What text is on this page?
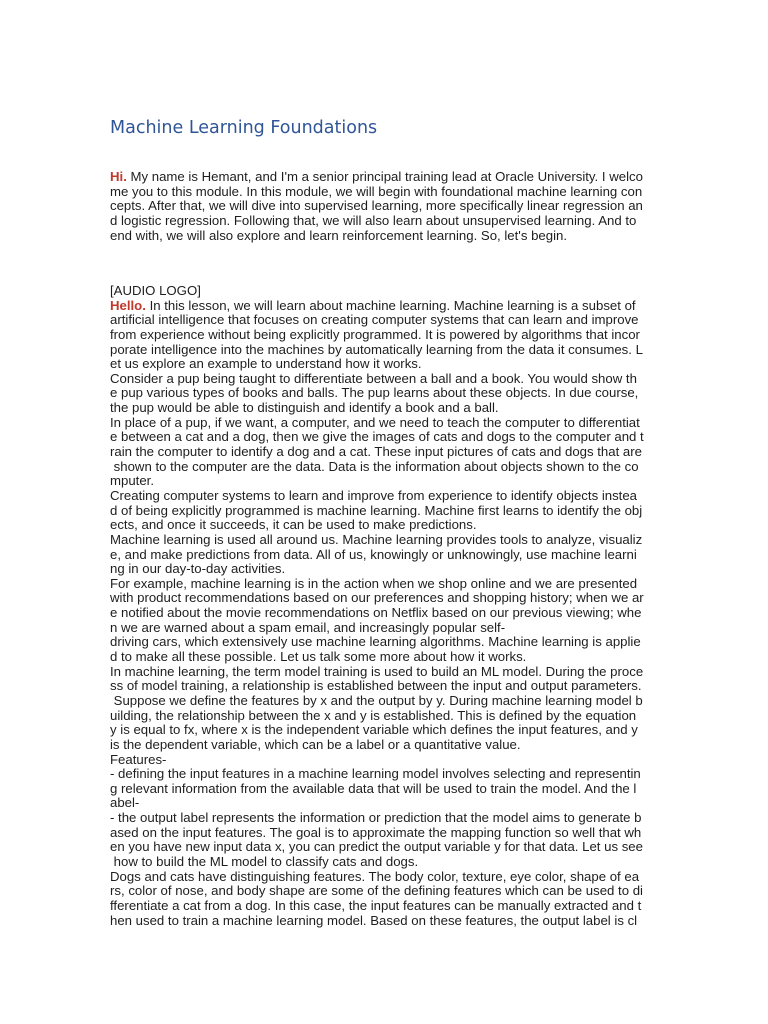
Machine Learning Foundations
Hi. My name is Hemant, and I'm a senior principal training lead at Oracle University. I welco
me you to this module. In this module, we will begin with foundational machine learning con
cepts. After that, we will dive into supervised learning, more specifically linear regression an
d logistic regression. Following that, we will also learn about unsupervised learning. And to
end with, we will also explore and learn reinforcement learning. So, let's begin.
[AUDIO LOGO]
Hello. In this lesson, we will learn about machine learning. Machine learning is a subset of
artificial intelligence that focuses on creating computer systems that can learn and improve
from experience without being explicitly programmed. It is powered by algorithms that incor
porate intelligence into the machines by automatically learning from the data it consumes. L
et us explore an example to understand how it works.
Consider a pup being taught to differentiate between a ball and a book. You would show th
e pup various types of books and balls. The pup learns about these objects. In due course,
the pup would be able to distinguish and identify a book and a ball.
In place of a pup, if we want, a computer, and we need to teach the computer to differentiat
e between a cat and a dog, then we give the images of cats and dogs to the computer and t
rain the computer to identify a dog and a cat. These input pictures of cats and dogs that are
shown to the computer are the data. Data is the information about objects shown to the co
mputer.
Creating computer systems to learn and improve from experience to identify objects instea
d of being explicitly programmed is machine learning. Machine first learns to identify the obj
ects, and once it succeeds, it can be used to make predictions.
Machine learning is used all around us. Machine learning provides tools to analyze, visualiz
e, and make predictions from data. All of us, knowingly or unknowingly, use machine learni
ng in our day-to-day activities.
For example, machine learning is in the action when we shop online and we are presented
with product recommendations based on our preferences and shopping history; when we ar
e notified about the movie recommendations on Netflix based on our previous viewing; whe
n we are warned about a spam email, and increasingly popular self-
driving cars, which extensively use machine learning algorithms. Machine learning is applie
d to make all these possible. Let us talk some more about how it works.
In machine learning, the term model training is used to build an ML model. During the proce
ss of model training, a relationship is established between the input and output parameters.
Suppose we define the features by x and the output by y. During machine learning model b
uilding, the relationship between the x and y is established. This is defined by the equation
y is equal to fx, where x is the independent variable which defines the input features, and y
is the dependent variable, which can be a label or a quantitative value.
Features-
- defining the input features in a machine learning model involves selecting and representin
g relevant information from the available data that will be used to train the model. And the l
abel-
- the output label represents the information or prediction that the model aims to generate b
ased on the input features. The goal is to approximate the mapping function so well that wh
en you have new input data x, you can predict the output variable y for that data. Let us see
how to build the ML model to classify cats and dogs.
Dogs and cats have distinguishing features. The body color, texture, eye color, shape of ea
rs, color of nose, and body shape are some of the defining features which can be used to di
fferentiate a cat from a dog. In this case, the input features can be manually extracted and t
hen used to train a machine learning model. Based on these features, the output label is cl
